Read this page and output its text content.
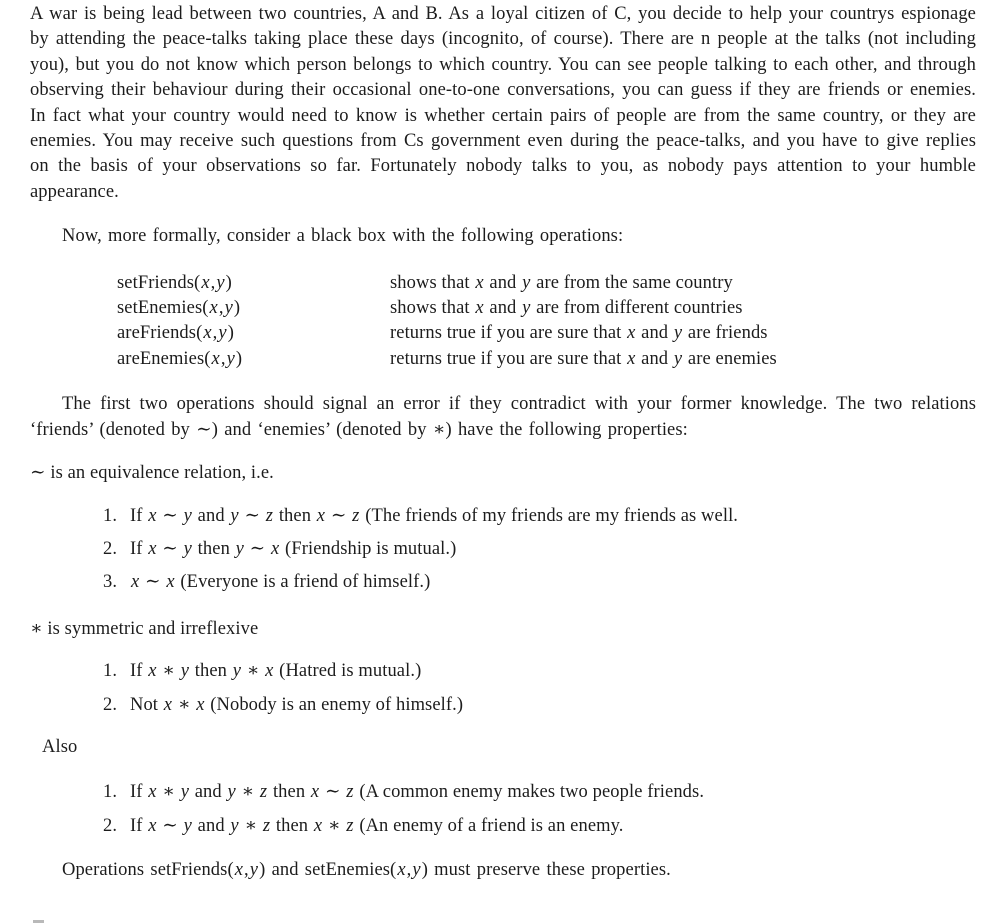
A war is being lead between two countries, A and B. As a loyal citizen of C, you decide to help your countrys espionage by attending the peace-talks taking place these days (incognito, of course). There are n people at the talks (not including you), but you do not know which person belongs to which country. You can see people talking to each other, and through observing their behaviour during their occasional one-to-one conversations, you can guess if they are friends or enemies. In fact what your country would need to know is whether certain pairs of people are from the same country, or they are enemies. You may receive such questions from Cs government even during the peace-talks, and you have to give replies on the basis of your observations so far. Fortunately nobody talks to you, as nobody pays attention to your humble appearance.

Now, more formally, consider a black box with the following operations:

setFriends(x,y)	shows that x and y are from the same country
setEnemies(x,y)	shows that x and y are from different countries
areFriends(x,y)	returns true if you are sure that x and y are friends
areEnemies(x,y)	returns true if you are sure that x and y are enemies

The first two operations should signal an error if they contradict with your former knowledge. The two relations ‘friends’ (denoted by ∼) and ‘enemies’ (denoted by ∗) have the following properties:

∼ is an equivalence relation, i.e.

1. If x ∼ y and y ∼ z then x ∼ z (The friends of my friends are my friends as well.
2. If x ∼ y then y ∼ x (Friendship is mutual.)
3. x ∼ x (Everyone is a friend of himself.)

∗ is symmetric and irreflexive

1. If x ∗ y then y ∗ x (Hatred is mutual.)
2. Not x ∗ x (Nobody is an enemy of himself.)

Also

1. If x ∗ y and y ∗ z then x ∼ z (A common enemy makes two people friends.
2. If x ∼ y and y ∗ z then x ∗ z (An enemy of a friend is an enemy.

Operations setFriends(x,y) and setEnemies(x,y) must preserve these properties.
